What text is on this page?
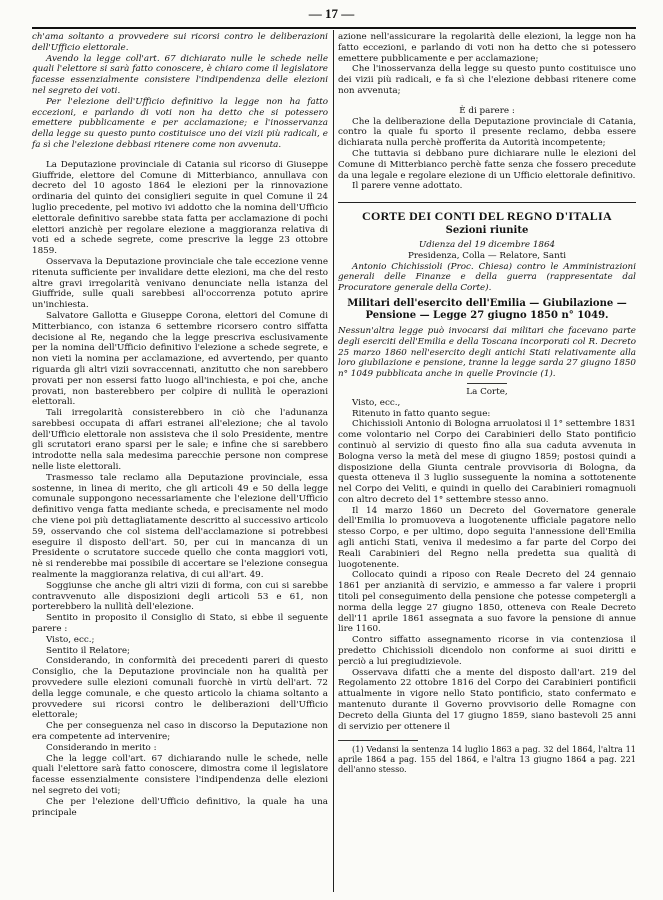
— 17 —

ch'ama soltanto a provvedere sui ricorsi contro le deliberazioni dell'Ufficio elettorale.

Avendo la legge coll'art. 67 dichiarato nulle le schede nelle quali l'elettore si sarà fatto conoscere, è chiaro come il legislatore facesse essenzialmente consistere l'indipendenza delle elezioni nel segreto dei voti.

Per l'elezione dell'Ufficio definitivo la legge non ha fatto eccezioni, e parlando di voti non ha detto che si potessero emettere pubblicamente e per acclamazione; e l'inosservanza della legge su questo punto costituisce uno dei vizii più radicali, e fa sì che l'elezione debbasi ritenere come non avvenuta.

La Deputazione provinciale di Catania sul ricorso di Giuseppe Giuffride, elettore del Comune di Mitterbianco, annullava con decreto del 10 agosto 1864 le elezioni per la rinnovazione ordinaria del quinto dei consiglieri seguite in quel Comune il 24 luglio precedente, pel motivo ivi addotto che la nomina dell'Ufficio elettorale definitivo sarebbe stata fatta per acclamazione di pochi elettori anzichè per regolare elezione a maggioranza relativa di voti ed a schede segrete, come prescrive la legge 23 ottobre 1859.

Osservava la Deputazione provinciale che tale eccezione venne ritenuta sufficiente per invalidare dette elezioni, ma che del resto altre gravi irregolarità venivano denunciate nella istanza del Giuffride, sulle quali sarebbesi all'occorrenza potuto aprire un'inchiesta.

Salvatore Gallotta e Giuseppe Corona, elettori del Comune di Mitterbianco, con istanza 6 settembre ricorsero contro siffatta decisione al Re, negando che la legge prescriva esclusivamente per la nomina dell'Ufficio definitivo l'elezione a schede segrete, e non vieti la nomina per acclamazione, ed avvertendo, per quanto riguarda gli altri vizii sovraccennati, anzitutto che non sarebbero provati per non essersi fatto luogo all'inchiesta, e poi che, anche provati, non basterebbero per colpire di nullità le operazioni elettorali.

Tali irregolarità consisterebbero in ciò che l'adunanza sarebbesi occupata di affari estranei all'elezione; che al tavolo dell'Ufficio elettorale non assisteva che il solo Presidente, mentre gli scrutatori erano sparsi per le sale; e infine che si sarebbero introdotte nella sala medesima parecchie persone non comprese nelle liste elettorali.

Trasmesso tale reclamo alla Deputazione provinciale, essa sostenne, in linea di merito, che gli articoli 49 e 50 della legge comunale suppongono necessariamente che l'elezione dell'Ufficio definitivo venga fatta mediante scheda, e precisamente nel modo che viene poi più dettagliatamente descritto al successivo articolo 59, osservando che col sistema dell'acclamazione si potrebbesi eseguire il disposto dell'art. 50, per cui in mancanza di un Presidente o scrutatore succede quello che conta maggiori voti, nè si renderebbe mai possibile di accertare se l'elezione consegua realmente la maggioranza relativa, di cui all'art. 49.

Soggiunse che anche gli altri vizii di forma, con cui si sarebbe contravvenuto alle disposizioni degli articoli 53 e 61, non porterebbero la nullità dell'elezione.

Sentito in proposito il Consiglio di Stato, si ebbe il seguente parere :

Visto, ecc.;

Sentito il Relatore;

Considerando, in conformità dei precedenti pareri di questo Consiglio, che la Deputazione provinciale non ha qualità per provvedere sulle elezioni comunali fuorchè in virtù dell'art. 72 della legge comunale, e che questo articolo la chiama soltanto a provvedere sui ricorsi contro le deliberazioni dell'Ufficio elettorale;

Che per conseguenza nel caso in discorso la Deputazione non era competente ad intervenire;

Considerando in merito :

Che la legge coll'art. 67 dichiarando nulle le schede, nelle quali l'elettore sarà fatto conoscere, dimostra come il legislatore facesse essenzialmente consistere l'indipendenza delle elezioni nel segreto dei voti;

Che per l'elezione dell'Ufficio definitivo, la quale ha una principale

azione nell'assicurare la regolarità delle elezioni, la legge non ha fatto eccezioni, e parlando di voti non ha detto che si potessero emettere pubblicamente e per acclamazione;

Che l'inosservanza della legge su questo punto costituisce uno dei vizii più radicali, e fa sì che l'elezione debbasi ritenere come non avvenuta;

È di parere :

Che la deliberazione della Deputazione provinciale di Catania, contro la quale fu sporto il presente reclamo, debba essere dichiarata nulla perchè profferita da Autorità incompetente;

Che tuttavia si debbano pure dichiarare nulle le elezioni del Comune di Mitterbianco perchè fatte senza che fossero precedute da una legale e regolare elezione di un Ufficio elettorale definitivo.

Il parere venne adottato.

CORTE DEI CONTI DEL REGNO D'ITALIA
Sezioni riunite

Udienza del 19 dicembre 1864

Presidenza, Colla — Relatore, Santi

Antonio Chichissioli (Proc. Chiesa) contro le Amministrazioni generali delle Finanze e della guerra (rappresentate dal Procuratore generale della Corte).

Militari dell'esercito dell'Emilia — Giubilazione — Pensione — Legge 27 giugno 1850 n° 1049.

Nessun'altra legge può invocarsi dai militari che facevano parte degli eserciti dell'Emilia e della Toscana incorporati col R. Decreto 25 marzo 1860 nell'esercito degli antichi Stati relativamente alla loro giubilazione e pensione, tranne la legge sarda 27 giugno 1850 n° 1049 pubblicata anche in quelle Provincie (1).

La Corte,

Visto, ecc.,

Ritenuto in fatto quanto segue:

Chichissioli Antonio di Bologna arruolatosi il 1° settembre 1831 come volontario nel Corpo dei Carabinieri dello Stato pontificio continuò al servizio di questo fino alla sua caduta avvenuta in Bologna verso la metà del mese di giugno 1859; postosi quindi a disposizione della Giunta centrale provvisoria di Bologna, da questa otteneva il 3 luglio susseguente la nomina a sottotenente nel Corpo dei Veliti, e quindi in quello dei Carabinieri romagnuoli con altro decreto del 1° settembre stesso anno.

Il 14 marzo 1860 un Decreto del Governatore generale dell'Emilia lo promuoveva a luogotenente ufficiale pagatore nello stesso Corpo, e per ultimo, dopo seguita l'annessione dell'Emilia agli antichi Stati, veniva il medesimo a far parte del Corpo dei Reali Carabinieri del Regno nella predetta sua qualità di luogotenente.

Collocato quindi a riposo con Reale Decreto del 24 gennaio 1861 per anzianità di servizio, e ammesso a far valere i proprii titoli pel conseguimento della pensione che potesse competergli a norma della legge 27 giugno 1850, otteneva con Reale Decreto dell'11 aprile 1861 assegnata a suo favore la pensione di annue lire 1160.

Contro siffatto assegnamento ricorse in via contenziosa il predetto Chichissioli dicendolo non conforme ai suoi diritti e perciò a lui pregiudizievole.

Osservava difatti che a mente del disposto dall'art. 219 del Regolamento 22 ottobre 1816 del Corpo dei Carabinieri pontificii attualmente in vigore nello Stato pontificio, stato confermato e mantenuto durante il Governo provvisorio delle Romagne con Decreto della Giunta del 17 giugno 1859, siano bastevoli 25 anni di servizio per ottenere il

(1) Vedansi la sentenza 14 luglio 1863 a pag. 32 del 1864, l'altra 11 aprile 1864 a pag. 155 del 1864, e l'altra 13 giugno 1864 a pag. 221 dell'anno stesso.
